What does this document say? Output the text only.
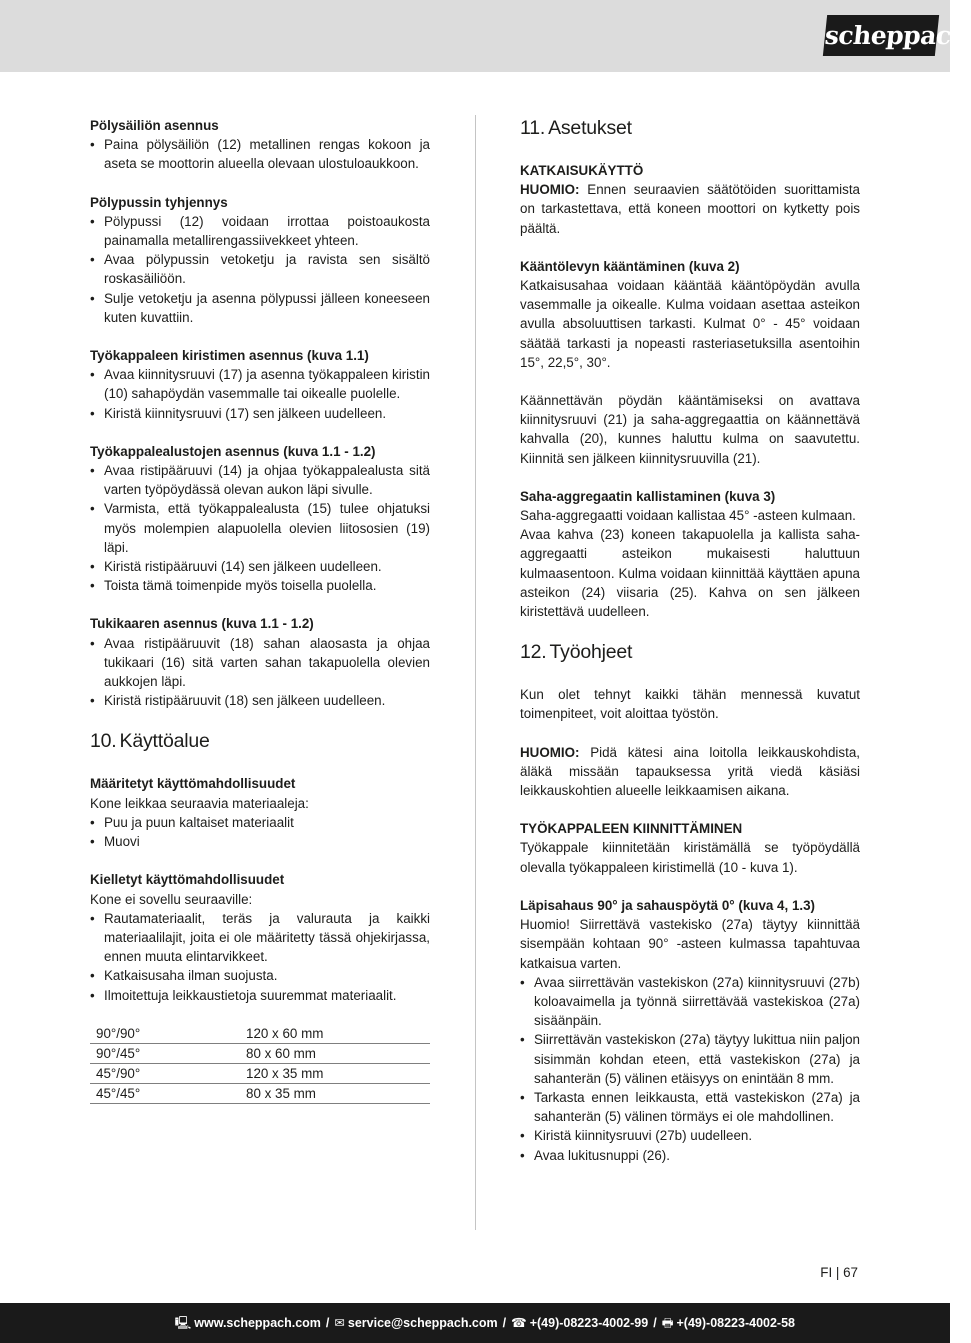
scheppach

Pölysäiliön asennus

• Paina pölysäiliön (12) metallinen rengas kokoon ja aseta se moottorin alueella olevaan ulostuloaukkoon.

Pölypussin tyhjennys

• Pölypussi (12) voidaan irrottaa poistoaukosta painamalla metallirengassiivekkeet yhteen.
• Avaa pölypussin vetoketju ja ravista sen sisältö roskasäiliöön.
• Sulje vetoketju ja asenna pölypussi jälleen koneeseen kuten kuvattiin.

Työkappaleen kiristimen asennus (kuva 1.1)

• Avaa kiinnitysruuvi (17) ja asenna työkappaleen kiristin (10) sahapöydän vasemmalle tai oikealle puolelle.
• Kiristä kiinnitysruuvi (17) sen jälkeen uudelleen.

Työkappalealustojen asennus (kuva 1.1 - 1.2)

• Avaa ristipääruuvi (14) ja ohjaa työkappalealusta sitä varten työpöydässä olevan aukon läpi sivulle.
• Varmista, että työkappalealusta (15) tulee ohjatuksi myös molempien alapuolella olevien liitososien (19) läpi.
• Kiristä ristipääruuvi (14) sen jälkeen uudelleen.
• Toista tämä toimenpide myös toisella puolella.

Tukikaaren asennus (kuva 1.1 - 1.2)

• Avaa ristipääruuvit (18) sahan alaosasta ja ohjaa tukikaari (16) sitä varten sahan takapuolella olevien aukkojen läpi.
• Kiristä ristipääruuvit (18) sen jälkeen uudelleen.
10. Käyttöalue

Määritetyt käyttömahdollisuudet

Kone leikkaa seuraavia materiaaleja:

• Puu ja puun kaltaiset materiaalit
• Muovi

Kielletyt käyttömahdollisuudet

Kone ei sovellu seuraaville:

• Rautamateriaalit, teräs ja valurauta ja kaikki materiaalilajit, joita ei ole määritetty tässä ohjekirjassa, ennen muuta elintarvikkeet.
• Katkaisusaha ilman suojusta.
• Ilmoitettuja leikkaustietoja suuremmat materiaalit.
90°/90°	120 x 60 mm
90°/45°	80 x 60 mm
45°/90°	120 x 35 mm
45°/45°	80 x 35 mm
11. Asetukset

KATKAISUKÄYTTÖ

HUOMIO: Ennen seuraavien säätötöiden suorittamista on tarkastettava, että koneen moottori on kytketty pois päältä.

Kääntölevyn kääntäminen (kuva 2)

Katkaisusahaa voidaan kääntää kääntöpöydän avulla vasemmalle ja oikealle. Kulma voidaan asettaa asteikon avulla absoluuttisen tarkasti. Kulmat 0° - 45° voidaan säätää tarkasti ja nopeasti rasteriasetuksilla asentoihin 15°, 22,5°, 30°.

Käännettävän pöydän kääntämiseksi on avattava kiinnitysruuvi (21) ja saha-aggregaattia on käännettävä kahvalla (20), kunnes haluttu kulma on saavutettu. Kiinnitä sen jälkeen kiinnitysruuvilla (21).

Saha-aggregaatin kallistaminen (kuva 3)

Saha-aggregaatti voidaan kallistaa 45° -asteen kulmaan.

Avaa kahva (23) koneen takapuolella ja kallista saha-aggregaatti asteikon mukaisesti haluttuun kulmaasentoon. Kulma voidaan kiinnittää käyttäen apuna asteikon (24) viisaria (25). Kahva on sen jälkeen kiristettävä uudelleen.

12. Työohjeet

Kun olet tehnyt kaikki tähän mennessä kuvatut toimenpiteet, voit aloittaa työstön.

HUOMIO: Pidä kätesi aina loitolla leikkauskohdista, äläkä missään tapauksessa yritä viedä käsiäsi leikkauskohtien alueelle leikkaamisen aikana.

TYÖKAPPALEEN KIINNITTÄMINEN

Työkappale kiinnitetään kiristämällä se työpöydällä olevalla työkappaleen kiristimellä (10 - kuva 1).

Läpisahaus 90° ja sahauspöytä 0° (kuva 4, 1.3)

Huomio! Siirrettävä vastekisko (27a) täytyy kiinnittää sisempään kohtaan 90° -asteen kulmassa tapahtuvaa katkaisua varten.

• Avaa siirrettävän vastekiskon (27a) kiinnitysruuvi (27b) koloavaimella ja työnnä siirrettävää vastekiskoa (27a) sisäänpäin.
• Siirrettävän vastekiskon (27a) täytyy lukittua niin paljon sisimmän kohdan eteen, että vastekiskon (27a) ja sahanterän (5) välinen etäisyys on enintään 8 mm.
• Tarkasta ennen leikkausta, että vastekiskon (27a) ja sahanterän (5) välinen törmäys ei ole mahdollinen.
• Kiristä kiinnitysruuvi (27b) uudelleen.
• Avaa lukitusnuppi (26).
FI | 67
🖳 www.scheppach.com / ✉ service@scheppach.com / ☎ +(49)-08223-4002-99 / 🖶 +(49)-08223-4002-58
